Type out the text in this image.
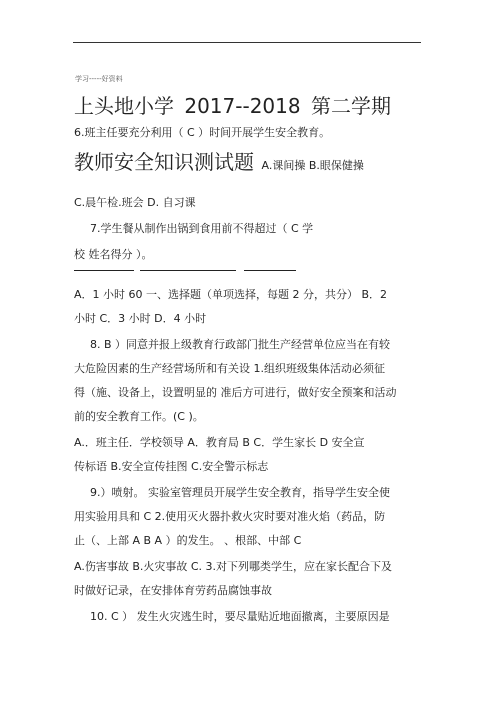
学习-----好资料
上头地小学 2017--2018 第二学期
6.班主任要充分利用（ C ）时间开展学生安全教育。
教师安全知识测试题 A.课间操 B.眼保健操
C.晨午检.班会 D. 自习课
7.学生餐从制作出锅到食用前不得超过（ C 学
校 姓名得分 ）。
A．1 小时 60 一、选择题（单项选择，每题 2 分，共分） B．2
小时 C．3 小时 D．4 小时
8. B ）同意并报上级教育行政部门批生产经营单位应当在有较
大危险因素的生产经营场所和有关设 1.组织班级集体活动必须征
得（施、设备上，设置明显的 准后方可进行，做好安全预案和活动
前的安全教育工作。(C )。
A.．班主任．学校领导 A．教育局 B C．学生家长 D 安全宣
传标语 B.安全宣传挂图 C.安全警示标志
9.）喷射。 实验室管理员开展学生安全教育，指导学生安全使
用实验用具和 C 2.使用灭火器扑救火灾时要对准火焰（药品，防
止（、上部 A B A ）的发生。 、根部、中部 C
A.伤害事故 B.火灾事故 C. 3.对下列哪类学生，应在家长配合下及
时做好记录，在安排体育劳药品腐蚀事故
10. C ） 发生火灾逃生时，要尽量贴近地面撤离，主要原因是
